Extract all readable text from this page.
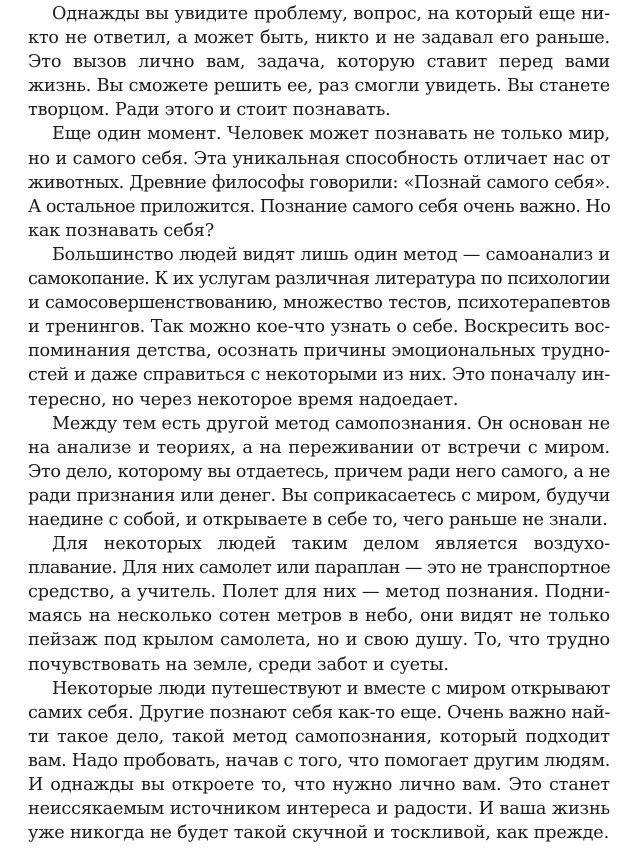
Однажды вы увидите проблему, вопрос, на который еще ни-
кто не ответил, а может быть, никто и не задавал его раньше.
Это вызов лично вам, задача, которую ставит перед вами
жизнь. Вы сможете решить ее, раз смогли увидеть. Вы станете
творцом. Ради этого и стоит познавать.
Еще один момент. Человек может познавать не только мир,
но и самого себя. Эта уникальная способность отличает нас от
животных. Древние философы говорили: «Познай самого себя».
А остальное приложится. Познание самого себя очень важно. Но
как познавать себя?
Большинство людей видят лишь один метод — самоанализ и
самокопание. К их услугам различная литература по психологии
и самосовершенствованию, множество тестов, психотерапевтов
и тренингов. Так можно кое-что узнать о себе. Воскресить вос-
поминания детства, осознать причины эмоциональных трудно-
стей и даже справиться с некоторыми из них. Это поначалу ин-
тересно, но через некоторое время надоедает.
Между тем есть другой метод самопознания. Он основан не
на анализе и теориях, а на переживании от встречи с миром.
Это дело, которому вы отдаетесь, причем ради него самого, а не
ради признания или денег. Вы соприкасаетесь с миром, будучи
наедине с собой, и открываете в себе то, чего раньше не знали.
Для некоторых людей таким делом является воздухо-
плавание. Для них самолет или параплан — это не транспортное
средство, а учитель. Полет для них — метод познания. Подни-
маясь на несколько сотен метров в небо, они видят не только
пейзаж под крылом самолета, но и свою душу. То, что трудно
почувствовать на земле, среди забот и суеты.
Некоторые люди путешествуют и вместе с миром открывают
самих себя. Другие познают себя как-то еще. Очень важно най-
ти такое дело, такой метод самопознания, который подходит
вам. Надо пробовать, начав с того, что помогает другим людям.
И однажды вы откроете то, что нужно лично вам. Это станет
неиссякаемым источником интереса и радости. И ваша жизнь
уже никогда не будет такой скучной и тоскливой, как прежде.
